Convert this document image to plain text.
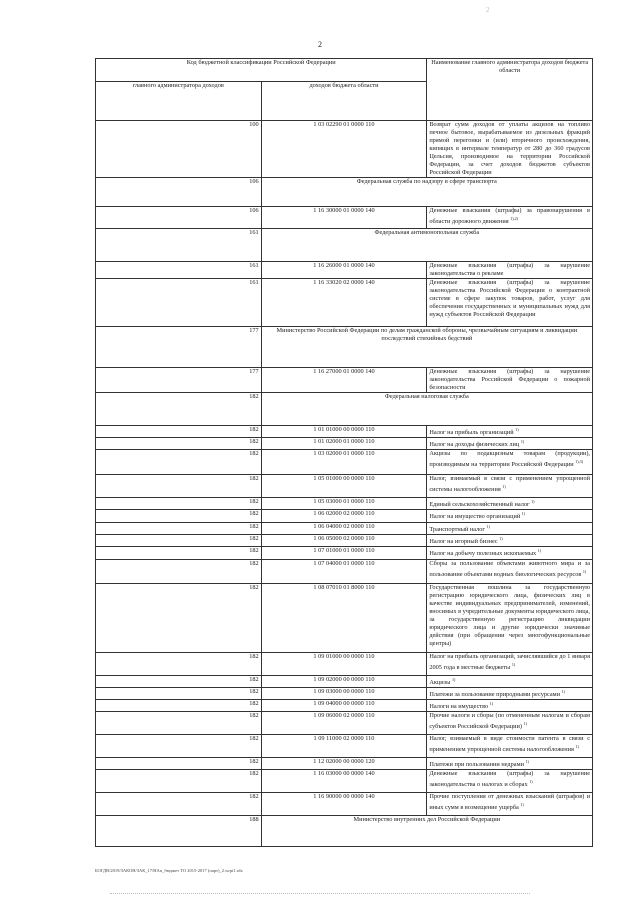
2
2
Код бюджетной классификации Российской Федерации		Наименование главного администратора доходов бюджета области
главного администратора доходов	доходов бюджета области	
100	1 03 02290 01 0000 110	Возврат сумм доходов от уплаты акцизов на топливо печное бытовое, вырабатываемое из дизельных фракций прямой перегонки и (или) вторичного происхождения, кипящих в интервале температур от 280 до 360 градусов Цельсия, производимое на территории Российской Федерации, за счет доходов бюджетов субъектов Российской Федерации
106	Федеральная служба по надзору в сфере транспорта	
106	1 16 30000 01 0000 140	Денежные взыскания (штрафы) за правонарушения в области дорожного движения $^{1),2)}$
161	Федеральная антимонопольная служба	
161	1 16 26000 01 0000 140	Денежные взыскания (штрафы) за нарушение законодательства о рекламе
161	1 16 33020 02 0000 140	Денежные взыскания (штрафы) за нарушение законодательства Российской Федерации о контрактной системе в сфере закупок товаров, работ, услуг для обеспечения государственных и муниципальных нужд для нужд субъектов Российской Федерации
177	Министерство Российской Федерации по делам гражданской обороны, чрезвычайным ситуациям и ликвидации последствий стихийных бедствий	
177	1 16 27000 01 0000 140	Денежные взыскания (штрафы) за нарушение законодательства Российской Федерации о пожарной безопасности
182	Федеральная налоговая служба	
182	1 01 01000 00 0000 110	Налог на прибыль организаций $^{1)}$
182	1 01 02000 01 0000 110	Налог на доходы физических лиц $^{1)}$
182	1 03 02000 01 0000 110	Акцизы по подакцизным товарам (продукции), производимым на территории Российской Федерации $^{1),3)}$
182	1 05 01000 00 0000 110	Налог, взимаемый в связи с применением упрощенной системы налогообложения $^{1)}$
182	1 05 03000 01 0000 110	Единый сельскохозяйственный налог $^{1)}$
182	1 06 02000 02 0000 110	Налог на имущество организаций $^{1)}$
182	1 06 04000 02 0000 110	Транспортный налог $^{1)}$
182	1 06 05000 02 0000 110	Налог на игорный бизнес $^{1)}$
182	1 07 01000 01 0000 110	Налог на добычу полезных ископаемых $^{1)}$
182	1 07 04000 01 0000 110	Сборы за пользование объектами животного мира и за пользование объектами водных биологических ресурсов $^{1)}$
182	1 08 07010 01 8000 110	Государственная пошлина за государственную регистрацию юридического лица, физических лиц в качестве индивидуальных предпринимателей, изменений, вносимых в учредительные документы юридического лица, за государственную регистрацию ликвидации юридического лица и другие юридически значимые действия (при обращении через многофункциональные центры)
182	1 09 01000 00 0000 110	Налог на прибыль организаций, зачислявшийся до 1 января 2005 года в местные бюджеты $^{1)}$
182	1 09 02000 00 0000 110	Акцизы $^{1)}$
182	1 09 03000 00 0000 110	Платежи за пользование природными ресурсами $^{1)}$
182	1 09 04000 00 0000 110	Налоги на имущество $^{1)}$
182	1 09 06000 02 0000 110	Прочие налоги и сборы (по отмененным налогам и сборам субъектов Российской Федерации) $^{1)}$
182	1 09 11000 02 0000 110	Налог, взимаемый в виде стоимости патента в связи с применением упрощенной системы налогообложения $^{1)}$
182	1 12 02000 00 0000 120	Платежи при пользовании недрами $^{1)}$
182	1 16 03000 00 0000 140	Денежные взыскания (штрафы) за нарушение законодательства о налогах и сборах $^{1)}$
182	1 16 90000 00 0000 140	Прочие поступления от денежных взысканий (штрафов) и иных сумм в возмещение ущерба $^{1)}$
188	Министерство внутренних дел Российской Федерации	
БОГДВ/2019/ЗАКОН/ЗАК_17/НАп_бюджет ТО 2015-2017 (парт)_2.wrpt1.rdx
